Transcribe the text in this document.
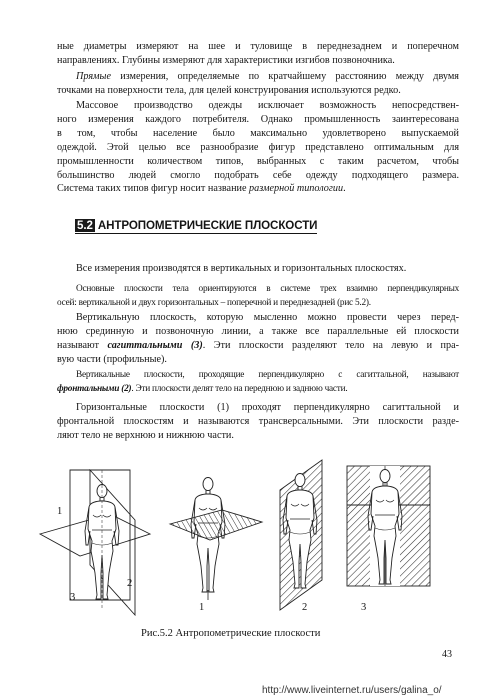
ные диаметры измеряют на шее и туловище в переднезаднем и поперечном
направлениях. Глубины измеряют для характеристики изгибов позвоночника.

Прямые измерения, определяемые по кратчайшему расстоянию между двумя
точками на поверхности тела, для целей конструирования используются редко.

Массовое производство одежды исключает возможность непосредствен-
ного измерения каждого потребителя. Однако промышленность заинтересована
в том, чтобы население было максимально удовлетворено выпускаемой
одеждой. Этой целью все разнообразие фигур представлено оптимальным для
промышленности количеством типов, выбранных с таким расчетом, чтобы
большинство людей смогло подобрать себе одежду подходящего размера.
Система таких типов фигур носит название размерной типологии.

5.2 АНТРОПОМЕТРИЧЕСКИЕ ПЛОСКОСТИ

Все измерения производятся в вертикальных и горизонтальных плоскостях.

Основные плоскости тела ориентируются в системе трех взаимно перпендикулярных
осей: вертикальной и двух горизонтальных – поперечной и переднезадней (рис 5.2).

Вертикальную плоскость, которую мысленно можно провести через перед-
нюю срединную и позвоночную линии, а также все параллельные ей плоскости
называют сагиттальными (3). Эти плоскости разделяют тело на левую и пра-
вую части (профильные).

Вертикальные плоскости, проходящие перпендикулярно с сагиттальной, называют
фронтальными (2). Эти плоскости делят тело на переднюю и заднюю части.

Горизонтальные плоскости (1) проходят перпендикулярно сагиттальной и
фронтальной плоскостям и называются трансверсальными. Эти плоскости разде-
ляют тело не верхнюю и нижнюю части.

1
2
3
1	2	3
Рис.5.2 Антропометрические плоскости
43
http://www.liveinternet.ru/users/galina_o/
